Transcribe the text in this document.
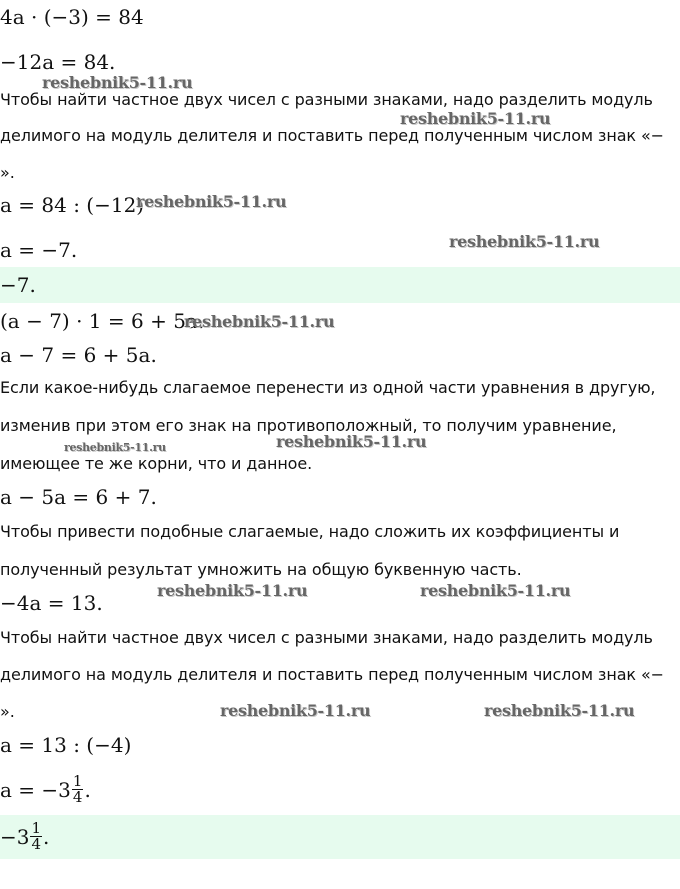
−7.
$-3 \frac{1}{4}$ .
4a · (−3) = 84
−12a = 84.
Чтобы найти частное двух чисел с разными знаками, надо разделить модуль
делимого на модуль делителя и поставить перед полученным числом знак «−
».
a = 84 : (−12)
a = −7.
(a − 7) · 1 = 6 + 5a.
a − 7 = 6 + 5a.
Если какое-нибудь слагаемое перенести из одной части уравнения в другую,
изменив при этом его знак на противоположный, то получим уравнение,
имеющее те же корни, что и данное.
a − 5a = 6 + 7.
Чтобы привести подобные слагаемые, надо сложить их коэффициенты и
полученный результат умножить на общую буквенную часть.
−4a = 13.
Чтобы найти частное двух чисел с разными знаками, надо разделить модуль
делимого на модуль делителя и поставить перед полученным числом знак «−
».
a = 13 : (−4)
$a = -3 \frac{1}{4}$ .
reshebnik5-11.ru
reshebnik5-11.ru
reshebnik5-11.ru
reshebnik5-11.ru
reshebnik5-11.ru
reshebnik5-11.ru	reshebnik5-11.ru
reshebnik5-11.ru	reshebnik5-11.ru
reshebnik5-11.ru	reshebnik5-11.ru
